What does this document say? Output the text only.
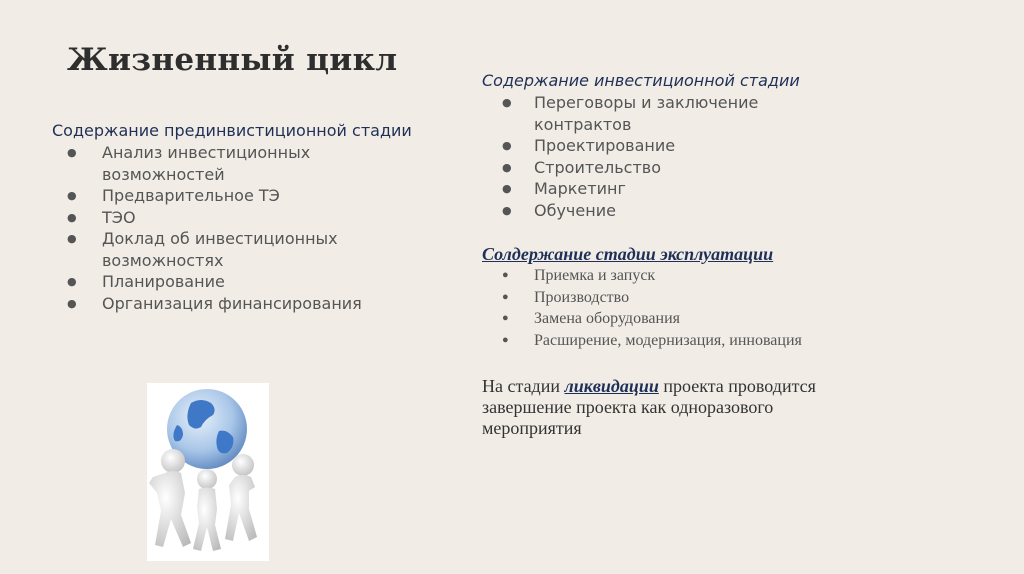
Жизненный цикл

Содержание прединвистиционной стадии

● Анализ инвестиционных возможностей
● Предварительное ТЭ
● ТЭО
● Доклад об инвестиционных возможностях
● Планирование
● Организация финансирования

Содержание инвестиционной стадии

● Переговоры и заключение контрактов
● Проектирование
● Строительство
● Маркетинг
● Обучение

Солдержание стадии эксплуатации

● Приемка и запуск
● Производство
● Замена оборудования
● Расширение, модернизация, инновация

На стадии ликвидации проекта проводится завершение проекта как одноразового мероприятия
